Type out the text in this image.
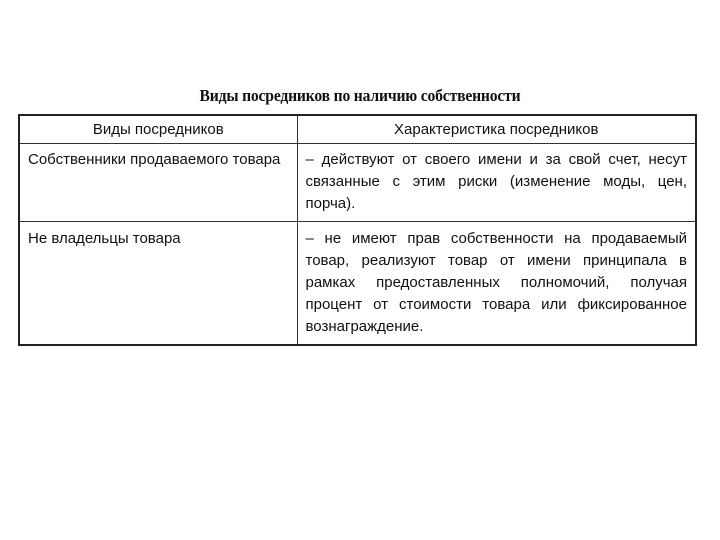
Виды посредников по наличию собственности
Виды посредников	Характеристика посредников
Собственники продаваемого товара	– действуют от своего имени и за свой счет, несут связанные с этим риски (изменение моды, цен, порча).

Не владельцы товара	– не имеют прав собственности на продаваемый товар, реализуют товар от имени принципала в рамках предоставленных полномочий, получая процент от стоимости товара или фиксированное вознаграждение.
